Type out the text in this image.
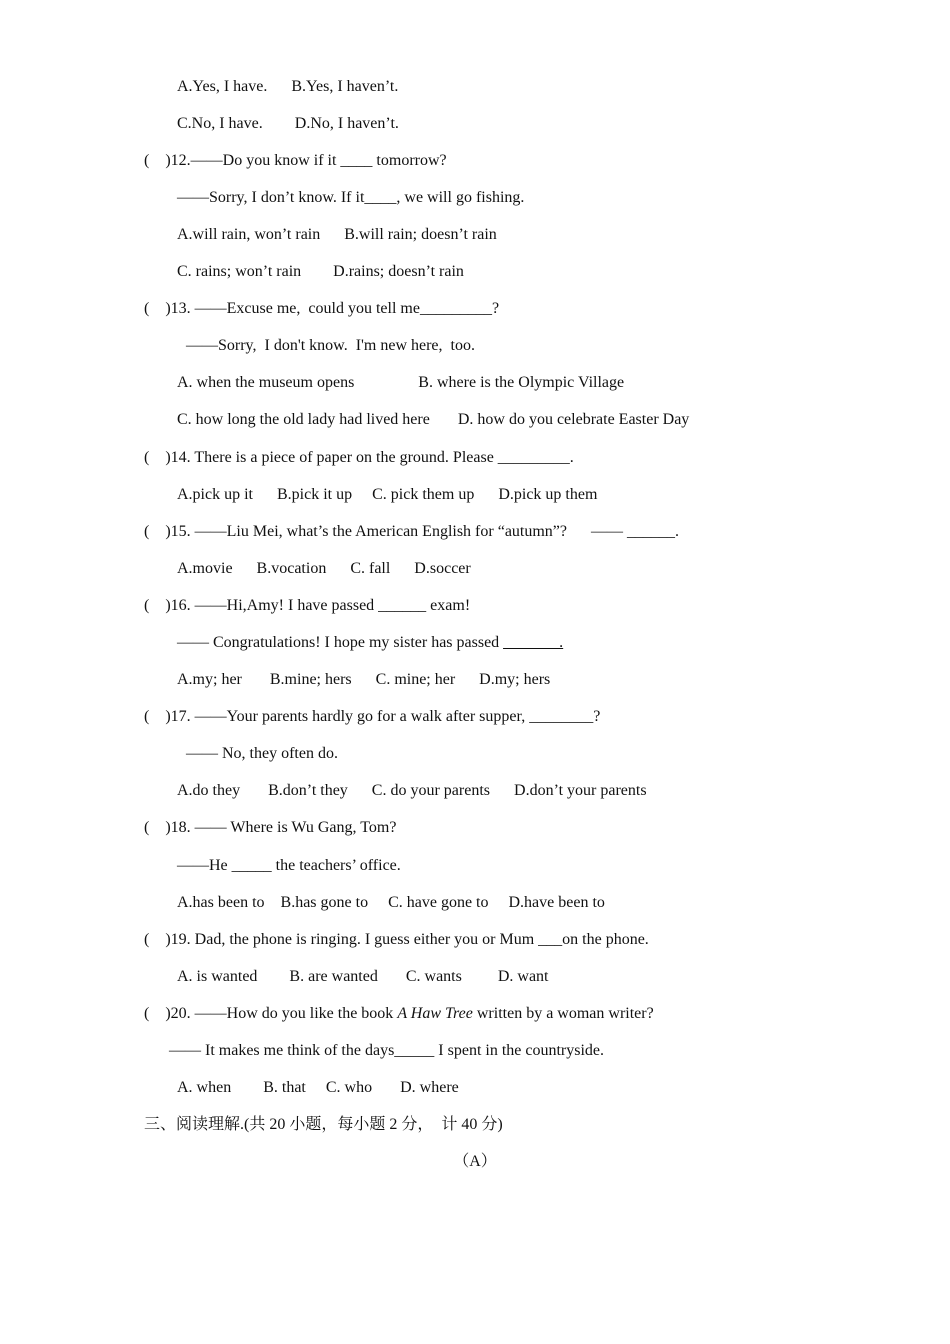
A.Yes, I have.      B.Yes, I haven’t.
C.No, I have.        D.No, I haven’t.
(    )12.——Do you know if it ____ tomorrow?
——Sorry, I don’t know. If it____, we will go fishing.
A.will rain, won’t rain      B.will rain; doesn’t rain
C. rains; won’t rain        D.rains; doesn’t rain
(    )13. ——Excuse me,  could you tell me_________?
——Sorry,  I don't know.  I'm new here,  too.
A. when the museum opens                B. where is the Olympic Village
C. how long the old lady had lived here       D. how do you celebrate Easter Day
(    )14. There is a piece of paper on the ground. Please _________.
A.pick up it      B.pick it up     C. pick them up      D.pick up them
(    )15. ——Liu Mei, what’s the American English for “autumn”?      —— ______.
A.movie      B.vocation      C. fall      D.soccer
(    )16. ——Hi,Amy! I have passed ______ exam!
—— Congratulations! I hope my sister has passed _______.
A.my; her       B.mine; hers      C. mine; her      D.my; hers
(    )17. ——Your parents hardly go for a walk after supper, ________?
—— No, they often do.
A.do they       B.don’t they      C. do your parents      D.don’t your parents
(    )18. —— Where is Wu Gang, Tom?
——He _____ the teachers’ office.
A.has been to    B.has gone to     C. have gone to     D.have been to
(    )19. Dad, the phone is ringing. I guess either you or Mum ___on the phone.
A. is wanted        B. are wanted       C. wants         D. want
(    )20. ——How do you like the book A Haw Tree written by a woman writer?
—— It makes me think of the days_____ I spent in the countryside.
A. when        B. that     C. who       D. where
三、阅读理解.(共 20 小题，每小题 2 分，  计 40 分)
（A）
